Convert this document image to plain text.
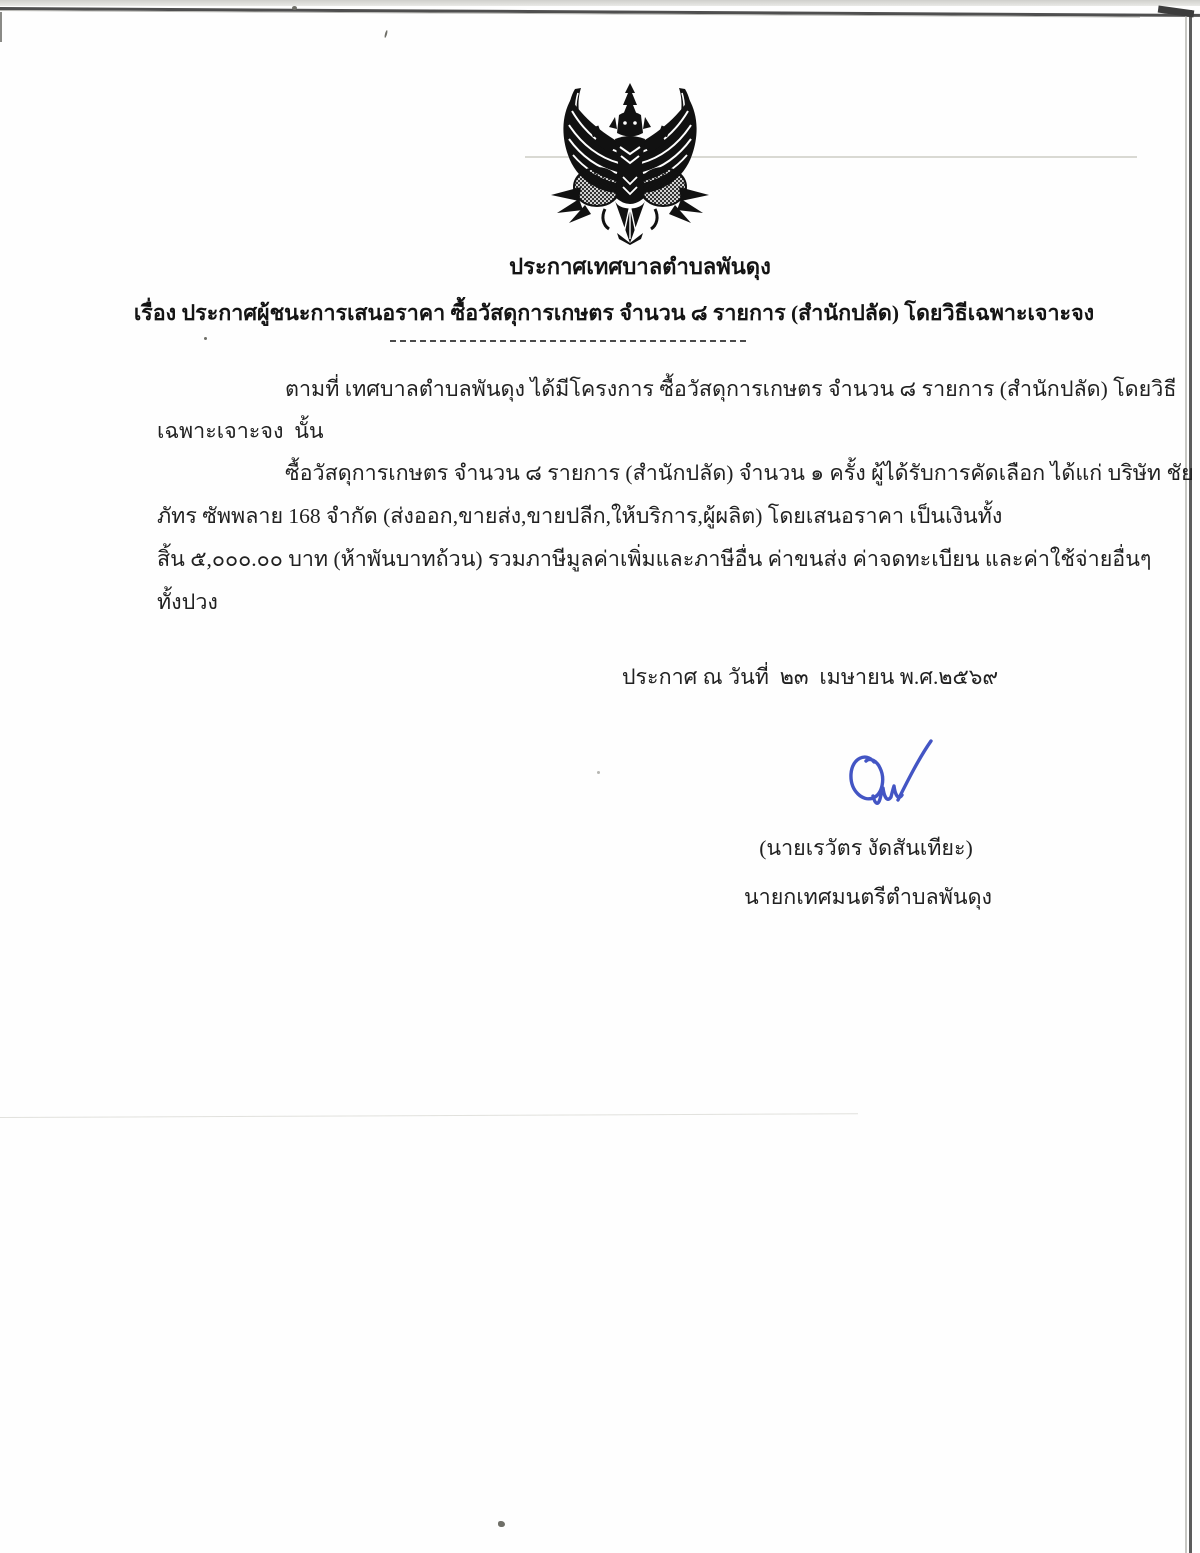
ประกาศเทศบาลตำบลพันดุง
เรื่อง ประกาศผู้ชนะการเสนอราคา ซื้อวัสดุการเกษตร จำนวน ๘ รายการ (สำนักปลัด) โดยวิธีเฉพาะเจาะจง
ตามที่ เทศบาลตำบลพันดุง ได้มีโครงการ ซื้อวัสดุการเกษตร จำนวน ๘ รายการ (สำนักปลัด) โดยวิธี
เฉพาะเจาะจง  นั้น
ซื้อวัสดุการเกษตร จำนวน ๘ รายการ (สำนักปลัด) จำนวน ๑ ครั้ง ผู้ได้รับการคัดเลือก ได้แก่ บริษัท ชัย
ภัทร ซัพพลาย 168 จำกัด (ส่งออก,ขายส่ง,ขายปลีก,ให้บริการ,ผู้ผลิต) โดยเสนอราคา เป็นเงินทั้ง
สิ้น ๕,๐๐๐.๐๐ บาท (ห้าพันบาทถ้วน) รวมภาษีมูลค่าเพิ่มและภาษีอื่น ค่าขนส่ง ค่าจดทะเบียน และค่าใช้จ่ายอื่นๆ
ทั้งปวง
ประกาศ ณ วันที่  ๒๓  เมษายน พ.ศ.๒๕๖๙
(นายเรวัตร งัดสันเทียะ)
นายกเทศมนตรีตำบลพันดุง
